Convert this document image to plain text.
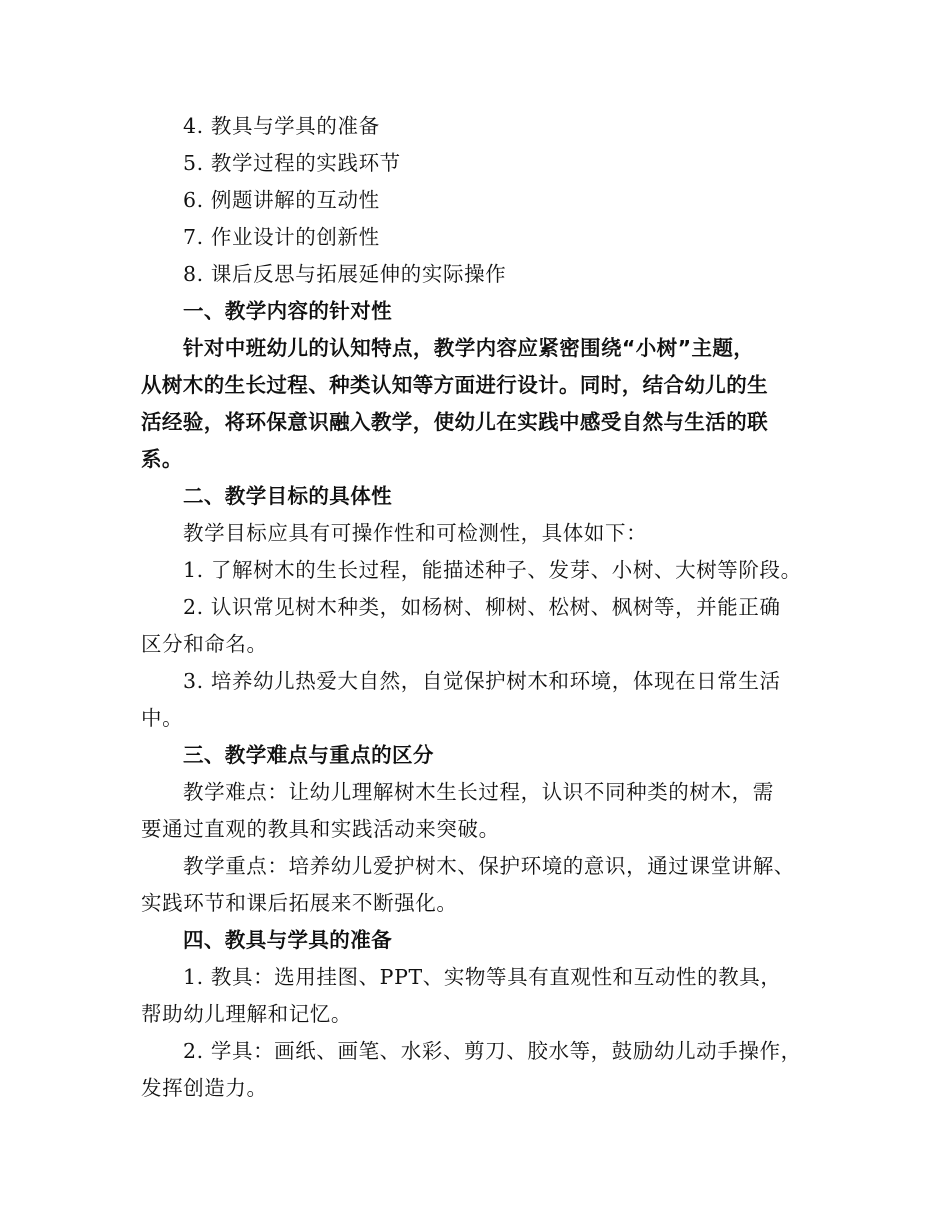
4. 教具与学具的准备

5. 教学过程的实践环节

6. 例题讲解的互动性

7. 作业设计的创新性

8. 课后反思与拓展延伸的实际操作

一、教学内容的针对性

针对中班幼儿的认知特点，教学内容应紧密围绕“小树”主题，

从树木的生长过程、种类认知等方面进行设计。同时，结合幼儿的生

活经验，将环保意识融入教学，使幼儿在实践中感受自然与生活的联

系。

二、教学目标的具体性

教学目标应具有可操作性和可检测性，具体如下：

1. 了解树木的生长过程，能描述种子、发芽、小树、大树等阶段。

2. 认识常见树木种类，如杨树、柳树、松树、枫树等，并能正确

区分和命名。

3. 培养幼儿热爱大自然，自觉保护树木和环境，体现在日常生活

中。

三、教学难点与重点的区分

教学难点：让幼儿理解树木生长过程，认识不同种类的树木，需

要通过直观的教具和实践活动来突破。

教学重点：培养幼儿爱护树木、保护环境的意识，通过课堂讲解、

实践环节和课后拓展来不断强化。

四、教具与学具的准备

1. 教具：选用挂图、PPT、实物等具有直观性和互动性的教具，

帮助幼儿理解和记忆。

2. 学具：画纸、画笔、水彩、剪刀、胶水等，鼓励幼儿动手操作，

发挥创造力。
